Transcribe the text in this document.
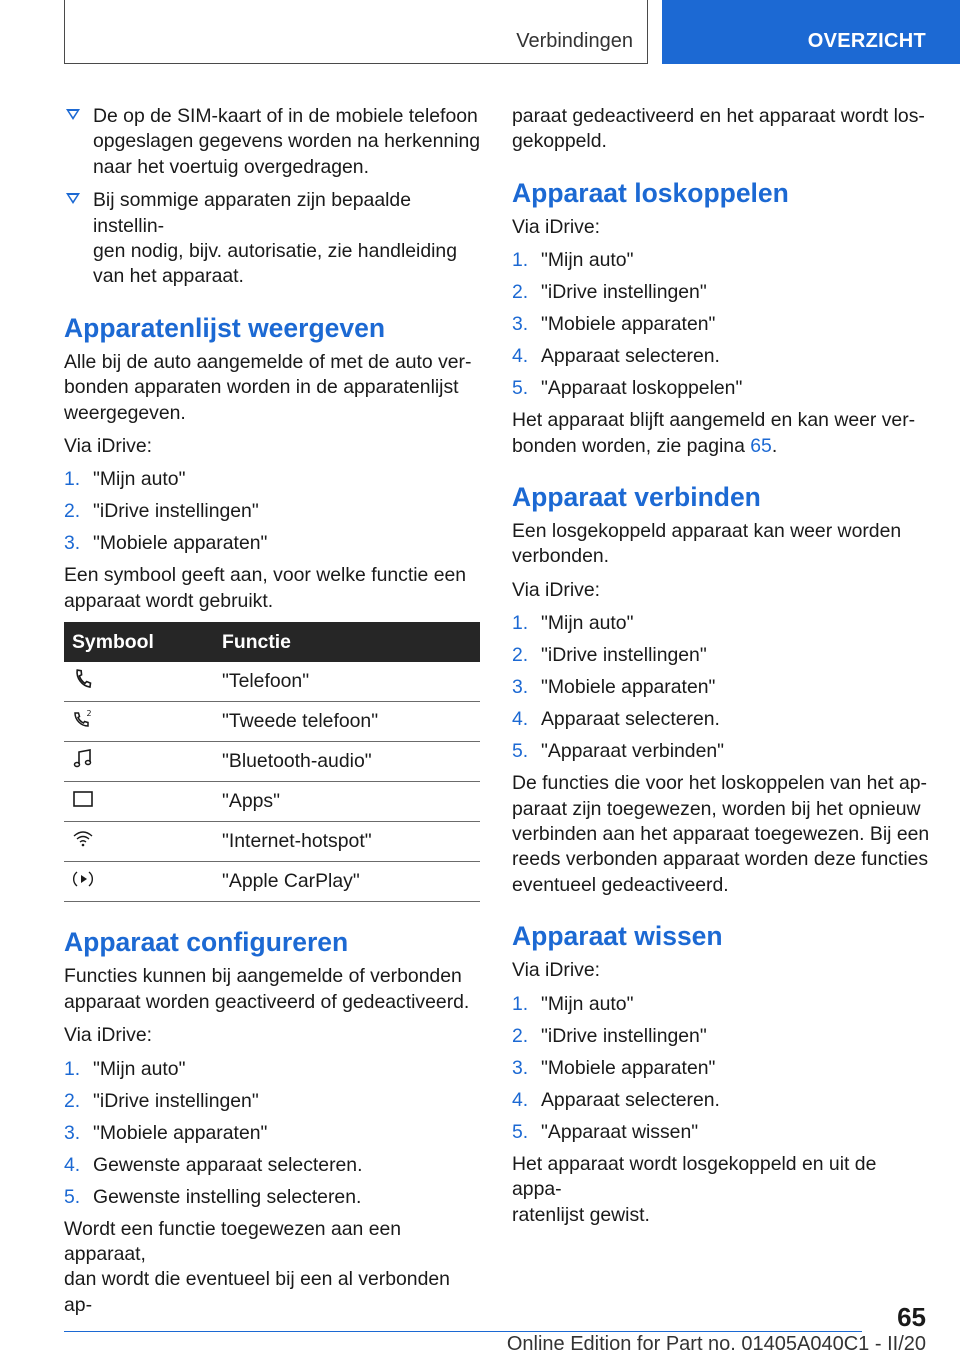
Verbindingen	OVERZICHT
De op de SIM-kaart of in de mobiele telefoon
opgeslagen gegevens worden na herkenning
naar het voertuig overgedragen.
Bij sommige apparaten zijn bepaalde instellin-
gen nodig, bijv. autorisatie, zie handleiding
van het apparaat.
Apparatenlijst weergeven
Alle bij de auto aangemelde of met de auto ver-
bonden apparaten worden in de apparatenlijst
weergegeven.
Via iDrive:
1. "Mijn auto"
2. "iDrive instellingen"
3. "Mobiele apparaten"
Een symbool geeft aan, voor welke functie een
apparaat wordt gebruikt.
Symbool	Functie
	"Telefoon"

2	"Tweede telefoon"
	"Bluetooth-audio"
	"Apps"
	"Internet-hotspot"
	"Apple CarPlay"
Apparaat configureren
Functies kunnen bij aangemelde of verbonden
apparaat worden geactiveerd of gedeactiveerd.
Via iDrive:
1. "Mijn auto"
2. "iDrive instellingen"
3. "Mobiele apparaten"
4. Gewenste apparaat selecteren.
5. Gewenste instelling selecteren.
Wordt een functie toegewezen aan een apparaat,
dan wordt die eventueel bij een al verbonden ap-
paraat gedeactiveerd en het apparaat wordt los-
gekoppeld.
Apparaat loskoppelen
Via iDrive:
1. "Mijn auto"
2. "iDrive instellingen"
3. "Mobiele apparaten"
4. Apparaat selecteren.
5. "Apparaat loskoppelen"
Het apparaat blijft aangemeld en kan weer ver-
bonden worden, zie pagina 65.
Apparaat verbinden
Een losgekoppeld apparaat kan weer worden
verbonden.
Via iDrive:
1. "Mijn auto"
2. "iDrive instellingen"
3. "Mobiele apparaten"
4. Apparaat selecteren.
5. "Apparaat verbinden"
De functies die voor het loskoppelen van het ap-
paraat zijn toegewezen, worden bij het opnieuw
verbinden aan het apparaat toegewezen. Bij een
reeds verbonden apparaat worden deze functies
eventueel gedeactiveerd.
Apparaat wissen
Via iDrive:
1. "Mijn auto"
2. "iDrive instellingen"
3. "Mobiele apparaten"
4. Apparaat selecteren.
5. "Apparaat wissen"
Het apparaat wordt losgekoppeld en uit de appa-
ratenlijst gewist.
65
Online Edition for Part no. 01405A040C1 - II/20
